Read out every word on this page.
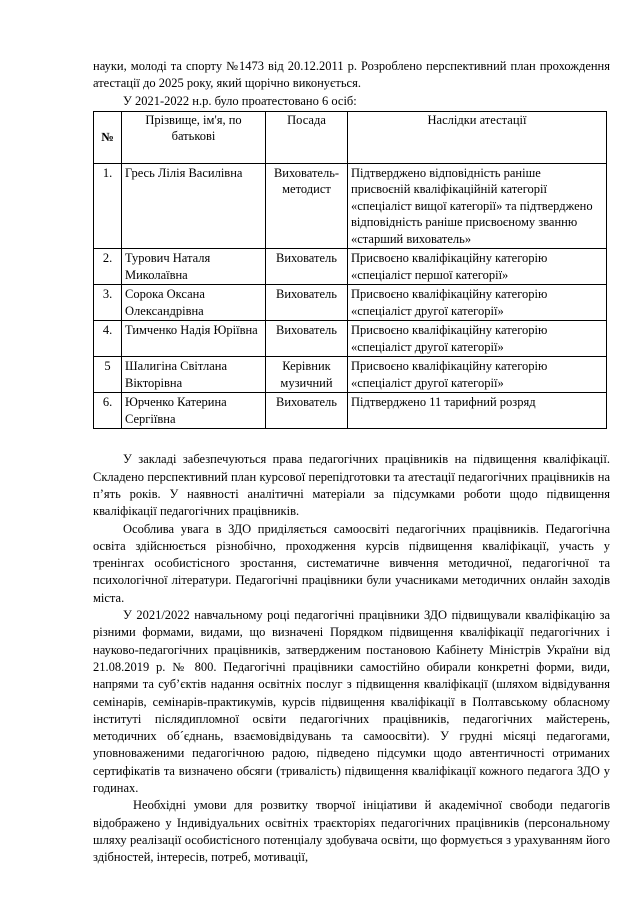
науки, молоді та спорту №1473 від 20.12.2011 р. Розроблено перспективний план прохождення атестації до 2025 року, який щорічно виконується.

У 2021-2022 н.р. було проатестовано 6 осіб:

№	Прізвище, ім'я, по батькові	Посада	Наслідки атестації
1.	Гресь Лілія Василівна	Вихователь-методист	Підтверджено відповідність раніше присвоєній кваліфікаційній категорії «спеціаліст вищої категорії» та підтверджено відповідність раніше присвоєному званню «старший вихователь»
2.	Турович Наталя Миколаївна	Вихователь	Присвоєно кваліфікаційну категорію «спеціаліст першої категорії»
3.	Сорока Оксана Олександрівна	Вихователь	Присвоєно кваліфікаційну категорію «спеціаліст другої категорії»
4.	Тимченко Надія Юріївна	Вихователь	Присвоєно кваліфікаційну категорію «спеціаліст другої категорії»
5	Шалигіна Світлана Вікторівна	Керівник музичний	Присвоєно кваліфікаційну категорію «спеціаліст другої категорії»
6.	Юрченко Катерина Сергіївна	Вихователь	Підтверджено 11 тарифний розряд

У закладі забезпечуються права педагогічних працівників на підвищення кваліфікації. Складено перспективний план курсової перепідготовки та атестації педагогічних працівників на п’ять років. У наявності аналітичні матеріали за підсумками роботи щодо підвищення кваліфікації педагогічних працівників.

Особлива увага в ЗДО приділяється самоосвіті педагогічних працівників. Педагогічна освіта здійснюється різнобічно, проходження курсів підвищення кваліфікації, участь у тренінгах особистісного зростання, систематичне вивчення методичної, педагогічної та психологічної літератури. Педагогічні працівники були учасниками методичних онлайн заходів міста.

У 2021/2022 навчальному році педагогічні працівники ЗДО підвищували кваліфікацію за різними формами, видами, що визначені Порядком підвищення кваліфікації педагогічних і науково-педагогічних працівників, затвердженим постановою Кабінету Міністрів України від 21.08.2019 р. № 800. Педагогічні працівники самостійно обирали конкретні форми, види, напрями та суб’єктів надання освітніх послуг з підвищення кваліфікації (шляхом відвідування семінарів, семінарів-практикумів, курсів підвищення кваліфікації в Полтавському обласному інституті післядипломної освіти педагогічних працівників, педагогічних майстерень, методичних об´єднань, взаємовідвідувань та самоосвіти). У грудні місяці педагогами, уповноваженими педагогічною радою, підведено підсумки щодо автентичності отриманих сертифікатів та визначено обсяги (тривалість) підвищення кваліфікації кожного педагога ЗДО у годинах.

Необхідні умови для розвитку творчої ініціативи й академічної свободи педагогів відображено у Індивідуальних освітніх траєкторіях педагогічних працівників (персональному шляху реалізації особистісного потенціалу здобувача освіти, що формується з урахуванням його здібностей, інтересів, потреб, мотивації,
